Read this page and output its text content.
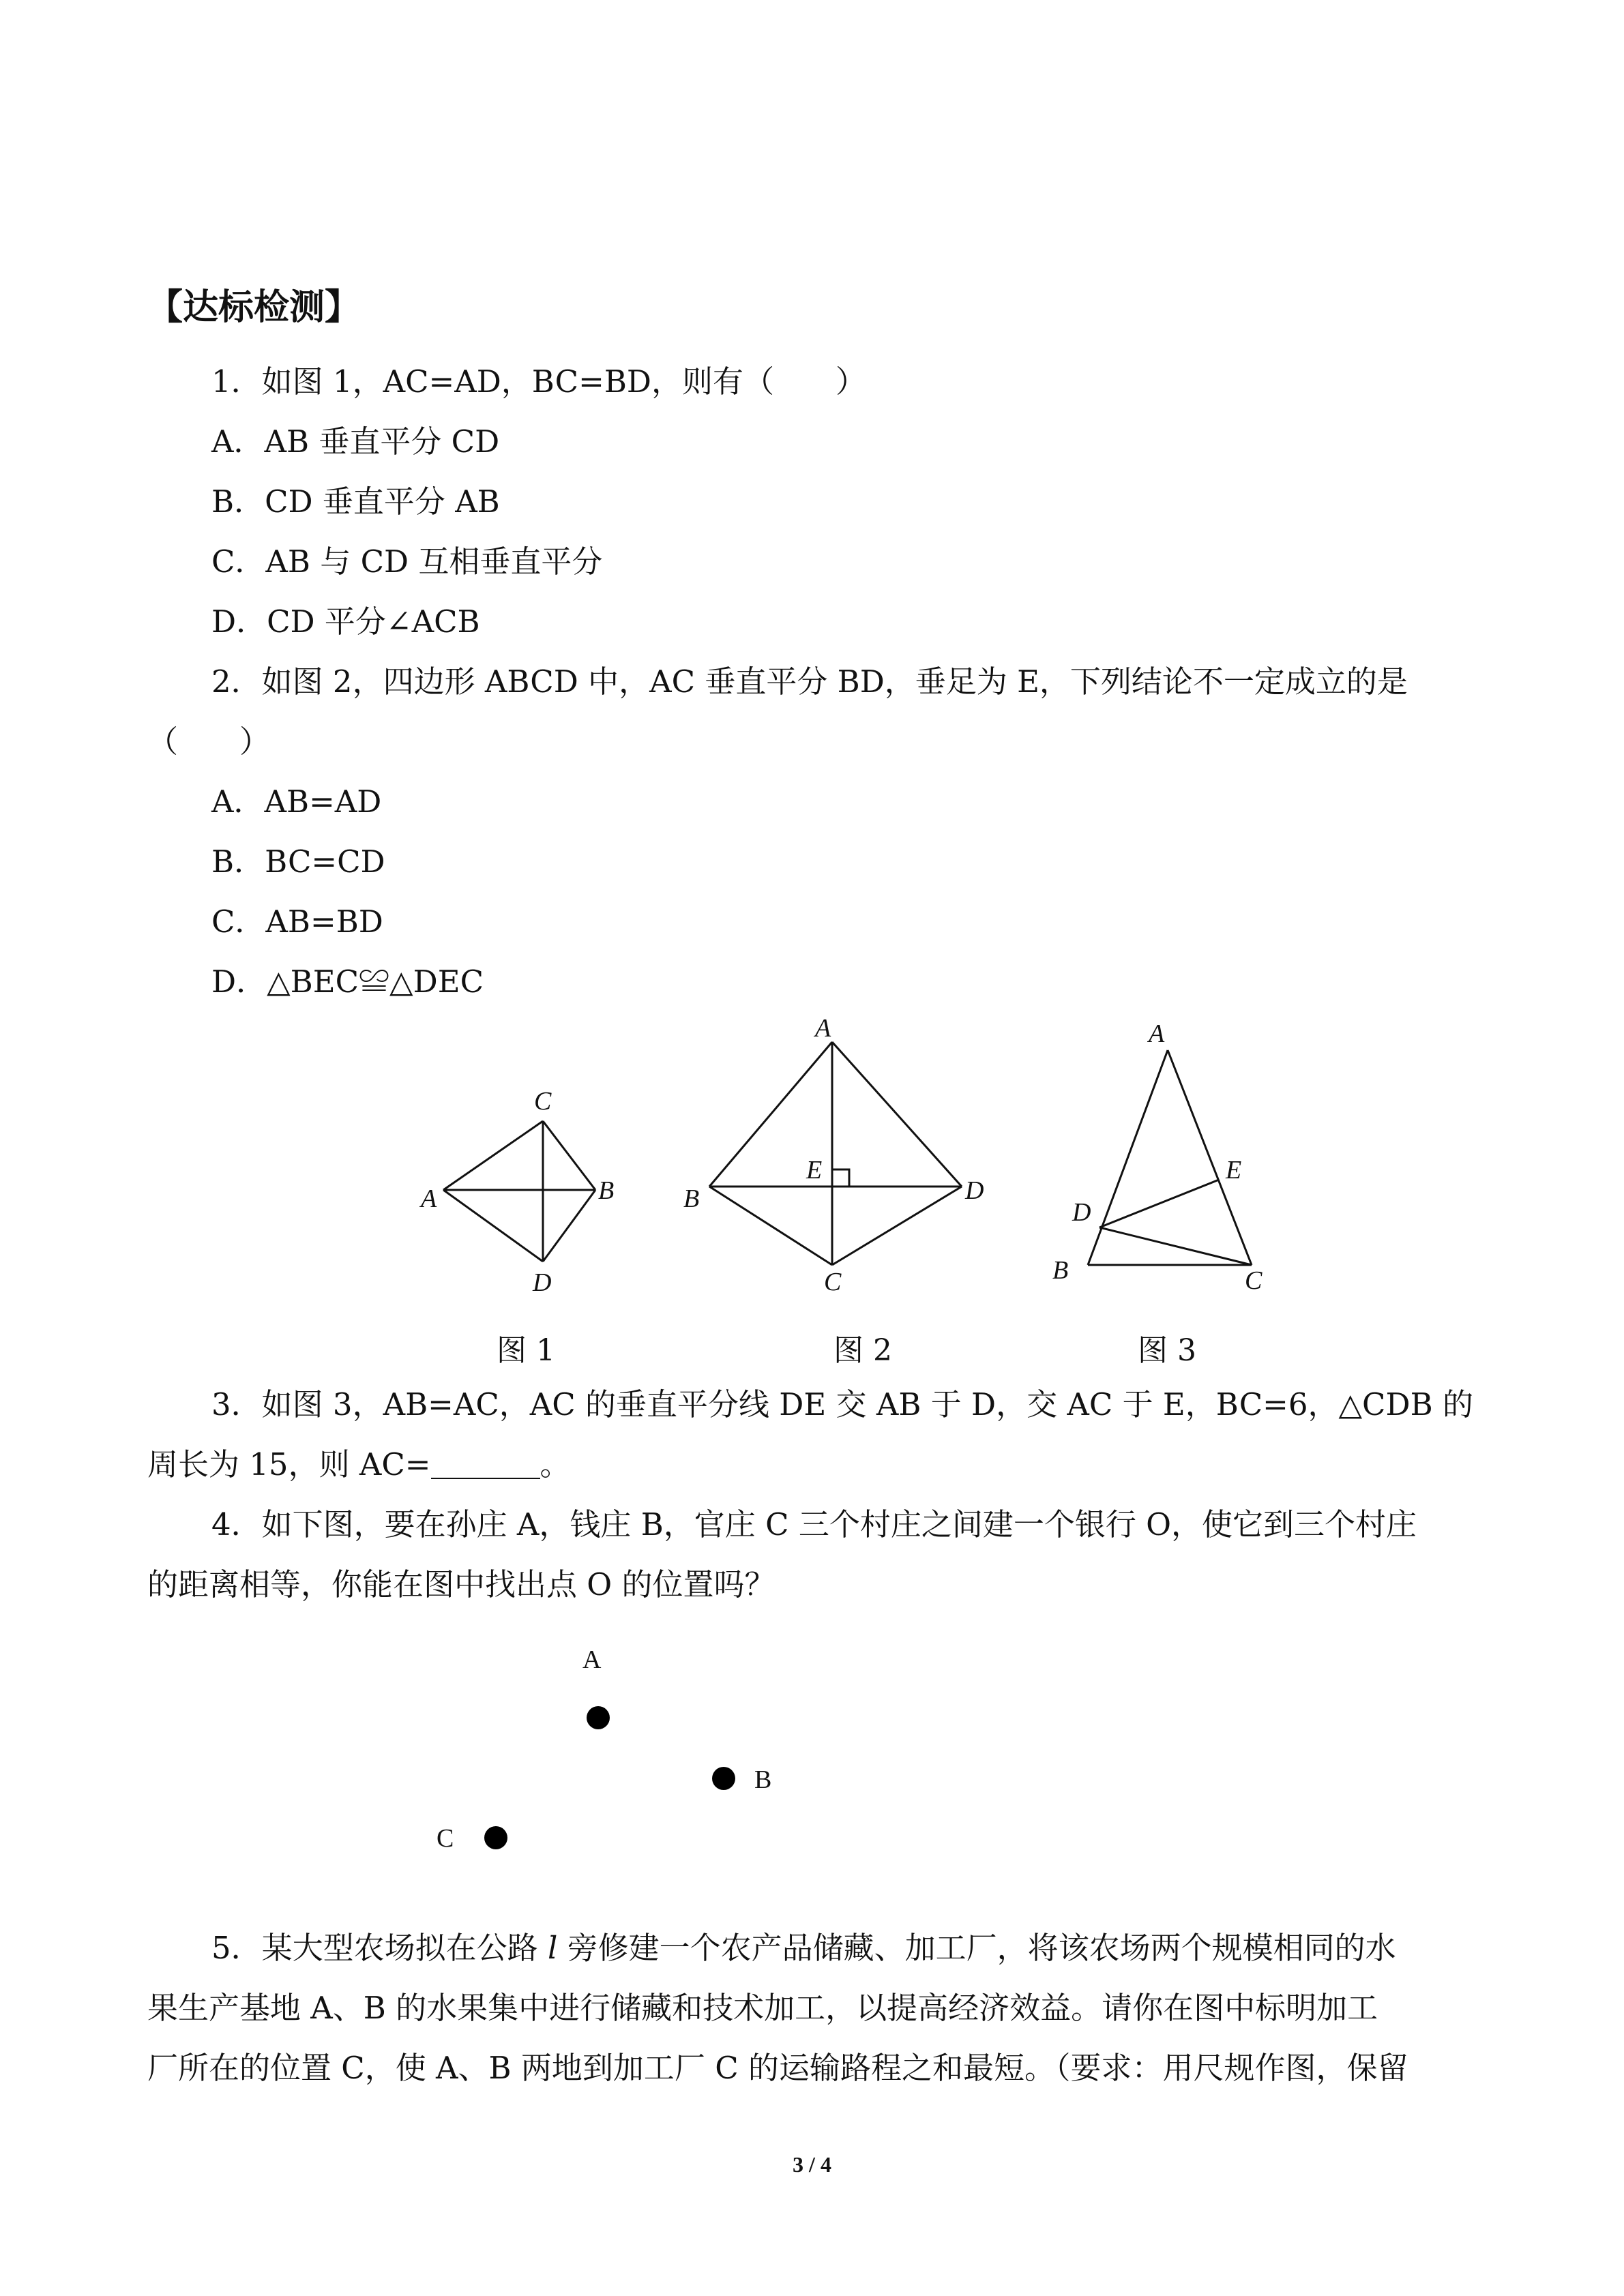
【达标检测】
1．如图 1，AC=AD，BC=BD，则有（　　）
A．AB 垂直平分 CD
B．CD 垂直平分 AB
C．AB 与 CD 互相垂直平分
D．CD 平分∠ACB
2．如图 2，四边形 ABCD 中，AC 垂直平分 BD，垂足为 E，下列结论不一定成立的是
（　　）
A．AB=AD
B．BC=CD
C．AB=BD
D．△BEC≌△DEC
C
A	B
D
A
B	D
E
C
A
E
D
B	C
图 1	图 2	图 3
3．如图 3，AB=AC，AC 的垂直平分线 DE 交 AB 于 D，交 AC 于 E，BC=6，△CDB 的
周长为 15，则 AC=	。
4．如下图，要在孙庄 A，钱庄 B，官庄 C 三个村庄之间建一个银行 O，使它到三个村庄
的距离相等，你能在图中找出点 O 的位置吗？
A
B
C
5．某大型农场拟在公路 l 旁修建一个农产品储藏、加工厂，将该农场两个规模相同的水
果生产基地 A、B 的水果集中进行储藏和技术加工，以提高经济效益。请你在图中标明加工
厂所在的位置 C，使 A、B 两地到加工厂 C 的运输路程之和最短。（要求：用尺规作图，保留
3 / 4
